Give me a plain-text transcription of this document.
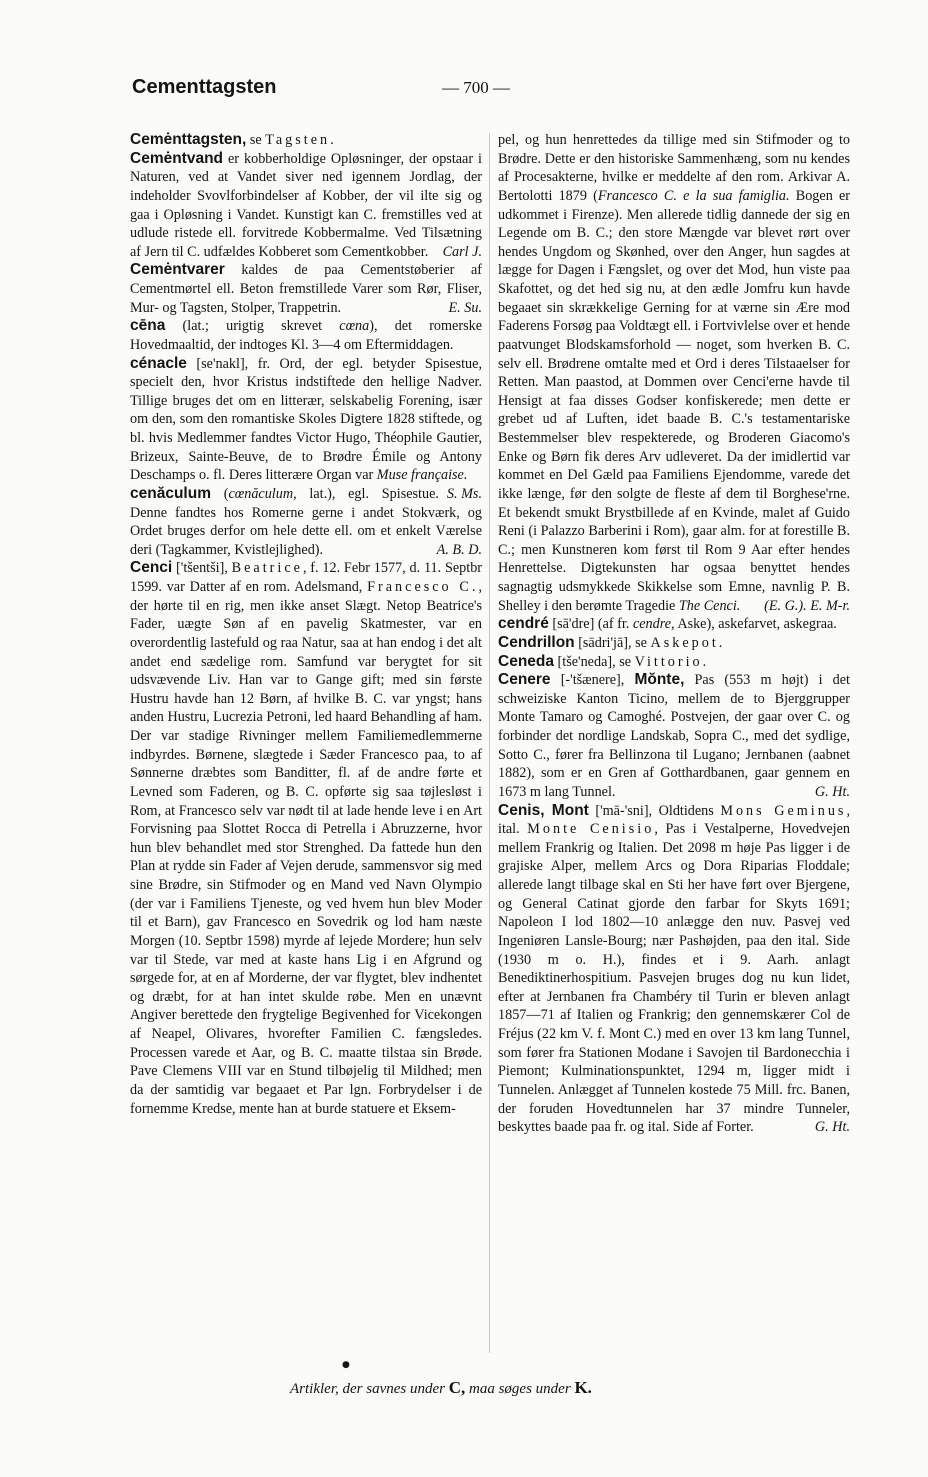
Cementtagsten	— 700 —

Cemėnttagsten, se Tagsten.

Cemėntvand er kobberholdige Opløsninger, der opstaar i Naturen, ved at Vandet siver ned igennem Jordlag, der indeholder Svovlforbindelser af Kobber, der vil ilte sig og gaa i Opløsning i Vandet. Kunstigt kan C. fremstilles ved at udlude ristede ell. forvitrede Kobbermalme. Ved Tilsætning af Jern til C. udfældes Kobberet som Cementkobber.	Carl J.

Cemėntvarer kaldes de paa Cementstøberier af Cementmørtel ell. Beton fremstillede Varer som Rør, Fliser, Mur- og Tagsten, Stolper, Trappetrin.	E. Su.

cēna (lat.; urigtig skrevet cœna), det romerske Hovedmaaltid, der indtoges Kl. 3—4 om Eftermiddagen.

cénacle [se'nakl], fr. Ord, der egl. betyder Spisestue, specielt den, hvor Kristus indstiftede den hellige Nadver. Tillige bruges det om en litterær, selskabelig Forening, især om den, som den romantiske Skoles Digtere 1828 stiftede, og bl. hvis Medlemmer fandtes Victor Hugo, Théophile Gautier, Brizeux, Sainte-Beuve, de to Brødre Émile og Antony Deschamps o. fl. Deres litterære Organ var Muse française.
S. Ms.

cenăculum (cœnăculum, lat.), egl. Spisestue. Denne fandtes hos Romerne gerne i andet Stokværk, og Ordet bruges derfor om hele dette ell. om et enkelt Værelse deri (Tagkammer, Kvistlejlighed).	A. B. D.

Cenci ['tšentši], Beatrice, f. 12. Febr 1577, d. 11. Septbr 1599. var Datter af en rom. Adelsmand, Francesco C., der hørte til en rig, men ikke anset Slægt. Netop Beatrice's Fader, uægte Søn af en pavelig Skatmester, var en overordentlig lastefuld og raa Natur, saa at han endog i det alt andet end sædelige rom. Samfund var berygtet for sit udsvævende Liv. Han var to Gange gift; med sin første Hustru havde han 12 Børn, af hvilke B. C. var yngst; hans anden Hustru, Lucrezia Petroni, led haard Behandling af ham. Der var stadige Rivninger mellem Familiemedlemmerne indbyrdes. Børnene, slægtede i Sæder Francesco paa, to af Sønnerne dræbtes som Banditter, fl. af de andre førte et Levned som Faderen, og B. C. opførte sig saa tøjlesløst i Rom, at Francesco selv var nødt til at lade hende leve i en Art Forvisning paa Slottet Rocca di Petrella i Abruzzerne, hvor hun blev behandlet med stor Strenghed. Da fattede hun den Plan at rydde sin Fader af Vejen derude, sammensvor sig med sine Brødre, sin Stifmoder og en Mand ved Navn Olympio (der var i Familiens Tjeneste, og ved hvem hun blev Moder til et Barn), gav Francesco en Sovedrik og lod ham næste Morgen (10. Septbr 1598) myrde af lejede Mordere; hun selv var til Stede, var med at kaste hans Lig i en Afgrund og sørgede for, at en af Morderne, der var flygtet, blev indhentet og dræbt, for at han intet skulde røbe. Men en unævnt Angiver berettede den frygtelige Begivenhed for Vicekongen af Neapel, Olivares, hvorefter Familien C. fængsledes. Processen varede et Aar, og B. C. maatte tilstaa sin Brøde. Pave Clemens VIII var en Stund tilbøjelig til Mildhed; men da der samtidig var begaaet et Par lgn. Forbrydelser i de fornemme Kredse, mente han at burde statuere et Eksem-

pel, og hun henrettedes da tillige med sin Stifmoder og to Brødre. Dette er den historiske Sammenhæng, som nu kendes af Procesakterne, hvilke er meddelte af den rom. Arkivar A. Bertolotti 1879 (Francesco C. e la sua famiglia. Bogen er udkommet i Firenze). Men allerede tidlig dannede der sig en Legende om B. C.; den store Mængde var blevet rørt over hendes Ungdom og Skønhed, over den Anger, hun sagdes at lægge for Dagen i Fængslet, og over det Mod, hun viste paa Skafottet, og det hed sig nu, at den ædle Jomfru kun havde begaaet sin skrækkelige Gerning for at værne sin Ære mod Faderens Forsøg paa Voldtægt ell. i Fortvivlelse over et hende paatvunget Blodskamsforhold — noget, som hverken B. C. selv ell. Brødrene omtalte med et Ord i deres Tilstaaelser for Retten. Man paastod, at Dommen over Cenci'erne havde til Hensigt at faa disses Godser konfiskerede; men dette er grebet ud af Luften, idet baade B. C.'s testamentariske Bestemmelser blev respekterede, og Broderen Giacomo's Enke og Børn fik deres Arv udleveret. Da der imidlertid var kommet en Del Gæld paa Familiens Ejendomme, varede det ikke længe, før den solgte de fleste af dem til Borghese'rne. Et bekendt smukt Brystbillede af en Kvinde, malet af Guido Reni (i Palazzo Barberini i Rom), gaar alm. for at forestille B. C.; men Kunstneren kom først til Rom 9 Aar efter hendes Henrettelse. Digtekunsten har ogsaa benyttet hendes sagnagtig udsmykkede Skikkelse som Emne, navnlig P. B. Shelley i den berømte Tragedie The Cenci.	(E. G.). E. M-r.

cendré [sā'dre] (af fr. cendre, Aske), askefarvet, askegraa.

Cendrillon [sādri'jā], se Askepot.

Ceneda [tše'neda], se Vittorio.

Cenere [-'tšænere], Mŏnte, Pas (553 m højt) i det schweiziske Kanton Ticino, mellem de to Bjerggrupper Monte Tamaro og Camoghé. Postvejen, der gaar over C. og forbinder det nordlige Landskab, Sopra C., med det sydlige, Sotto C., fører fra Bellinzona til Lugano; Jernbanen (aabnet 1882), som er en Gren af Gotthardbanen, gaar gennem en 1673 m lang Tunnel.	G. Ht.

Cenis, Mont ['mā-'sni], Oldtidens Mons Geminus, ital. Monte Cenisio, Pas i Vestalperne, Hovedvejen mellem Frankrig og Italien. Det 2098 m høje Pas ligger i de grajiske Alper, mellem Arcs og Dora Riparias Floddale; allerede langt tilbage skal en Sti her have ført over Bjergene, og General Catinat gjorde den farbar for Skyts 1691; Napoleon I lod 1802—10 anlægge den nuv. Pasvej ved Ingeniøren Lansle-Bourg; nær Pashøjden, paa den ital. Side (1930 m o. H.), findes et i 9. Aarh. anlagt Benediktinerhospitium. Pasvejen bruges dog nu kun lidet, efter at Jernbanen fra Chambéry til Turin er bleven anlagt 1857—71 af Italien og Frankrig; den gennemskærer Col de Fréjus (22 km V. f. Mont C.) med en over 13 km lang Tunnel, som fører fra Stationen Modane i Savojen til Bardonecchia i Piemont; Kulminationspunktet, 1294 m, ligger midt i Tunnelen. Anlægget af Tunnelen kostede 75 Mill. frc. Banen, der foruden Hovedtunnelen har 37 mindre Tunneler, beskyttes baade paa fr. og ital. Side af Forter.	G. Ht.

●
Artikler, der savnes under C, maa søges under K.
